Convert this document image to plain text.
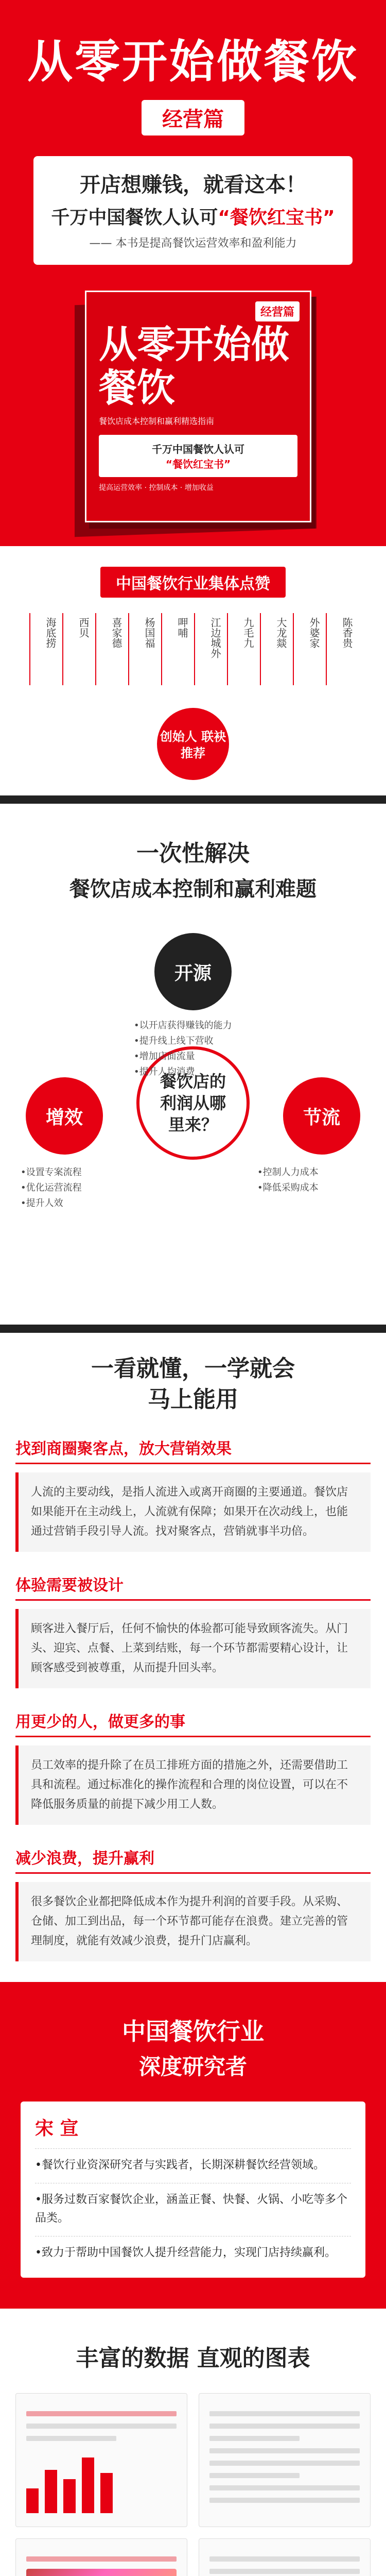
从零开始做餐饮
经营篇
开店想赚钱，就看这本！
千万中国餐饮人认可“餐饮红宝书”
—— 本书是提高餐饮运营效率和盈利能力
经营篇
从零开始做餐饮
餐饮店成本控制和赢利精选指南
千万中国餐饮人认可
“餐饮红宝书”
提高运营效率 · 控制成本 · 增加收益
中国餐饮行业集体点赞
海底捞	西贝	喜家德	杨国福	呷哺	江边城外	九毛九	大龙燚	外婆家	陈香贵
创始人 联袂推荐
一次性解决
餐饮店成本控制和赢利难题
开源
增效	节流
餐饮店的
利润从哪
里来？
•以开店获得赚钱的能力
•提升线上线下营收
•增加店面流量
•提升人均消费
•设置专案流程
•优化运营流程
•提升人效
•控制人力成本
•降低采购成本
一看就懂，一学就会
马上能用
找到商圈聚客点，放大营销效果
人流的主要动线，是指人流进入或离开商圈的主要通道。餐饮店如果能开在主动线上，人流就有保障；如果开在次动线上，也能通过营销手段引导人流。找对聚客点，营销就事半功倍。
体验需要被设计
顾客进入餐厅后，任何不愉快的体验都可能导致顾客流失。从门头、迎宾、点餐、上菜到结账，每一个环节都需要精心设计，让顾客感受到被尊重，从而提升回头率。
用更少的人，做更多的事
员工效率的提升除了在员工排班方面的措施之外，还需要借助工具和流程。通过标准化的操作流程和合理的岗位设置，可以在不降低服务质量的前提下减少用工人数。
减少浪费，提升赢利
很多餐饮企业都把降低成本作为提升利润的首要手段。从采购、仓储、加工到出品，每一个环节都可能存在浪费。建立完善的管理制度，就能有效减少浪费，提升门店赢利。
中国餐饮行业
深度研究者
宋 宣
•餐饮行业资深研究者与实践者，长期深耕餐饮经营领域。
•服务过数百家餐饮企业，涵盖正餐、快餐、火锅、小吃等多个品类。
•致力于帮助中国餐饮人提升经营能力，实现门店持续赢利。
丰富的数据 直观的图表
